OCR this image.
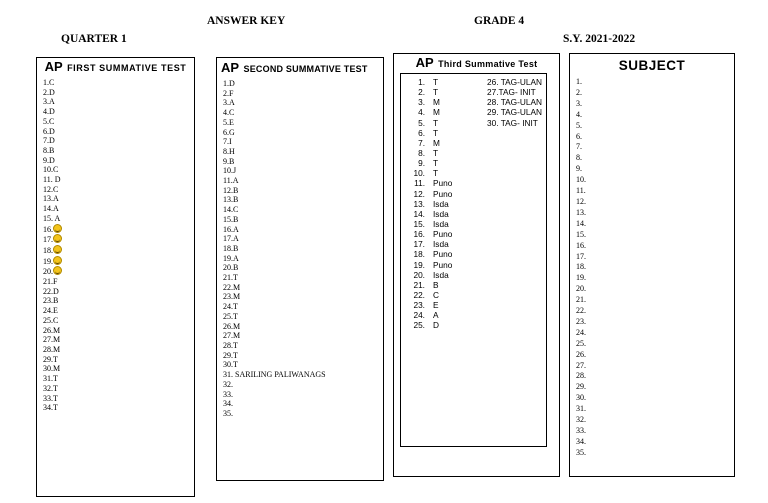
ANSWER KEY	GRADE 4
QUARTER 1	S.Y. 2021-2022
AP FIRST SUMMATIVE TEST
1.C
2.D
3.A
4.D
5.C
6.D
7.D
8.B
9.D
10.C
11. D
12.C
13.A
14.A
15. A
16.
17.
18.
19.
20.
21.F
22.D
23.B
24.E
25.C
26.M
27.M
28.M
29.T
30.M
31.T
32.T
33.T
34.T
AP SECOND SUMMATIVE TEST
1.D
2.F
3.A
4.C
5.E
6.G
7.I
8.H
9.B
10.J
11.A
12.B
13.B
14.C
15.B
16.A
17.A
18.B
19.A
20.B
21.T
22.M
23.M
24.T
25.T
26.M
27.M
28.T
29.T
30.T
31. SARILING PALIWANAGS
32.
33.
34.
35.
AP Third Summative Test
1. T
2. T
3. M
4. M
5. T
6. T
7. M
8. T
9. T
10. T
11. Puno
12. Puno
13. Isda
14. Isda
15. Isda
16. Puno
17. Isda
18. Puno
19. Puno
20. Isda
21. B
22. C
23. E
24. A
25. D
26. TAG-ULAN
27.TAG- INIT
28. TAG-ULAN
29. TAG-ULAN
30. TAG- INIT
SUBJECT
1.
2.
3.
4.
5.
6.
7.
8.
9.
10.
11.
12.
13.
14.
15.
16.
17.
18.
19.
20.
21.
22.
23.
24.
25.
26.
27.
28.
29.
30.
31.
32.
33.
34.
35.
